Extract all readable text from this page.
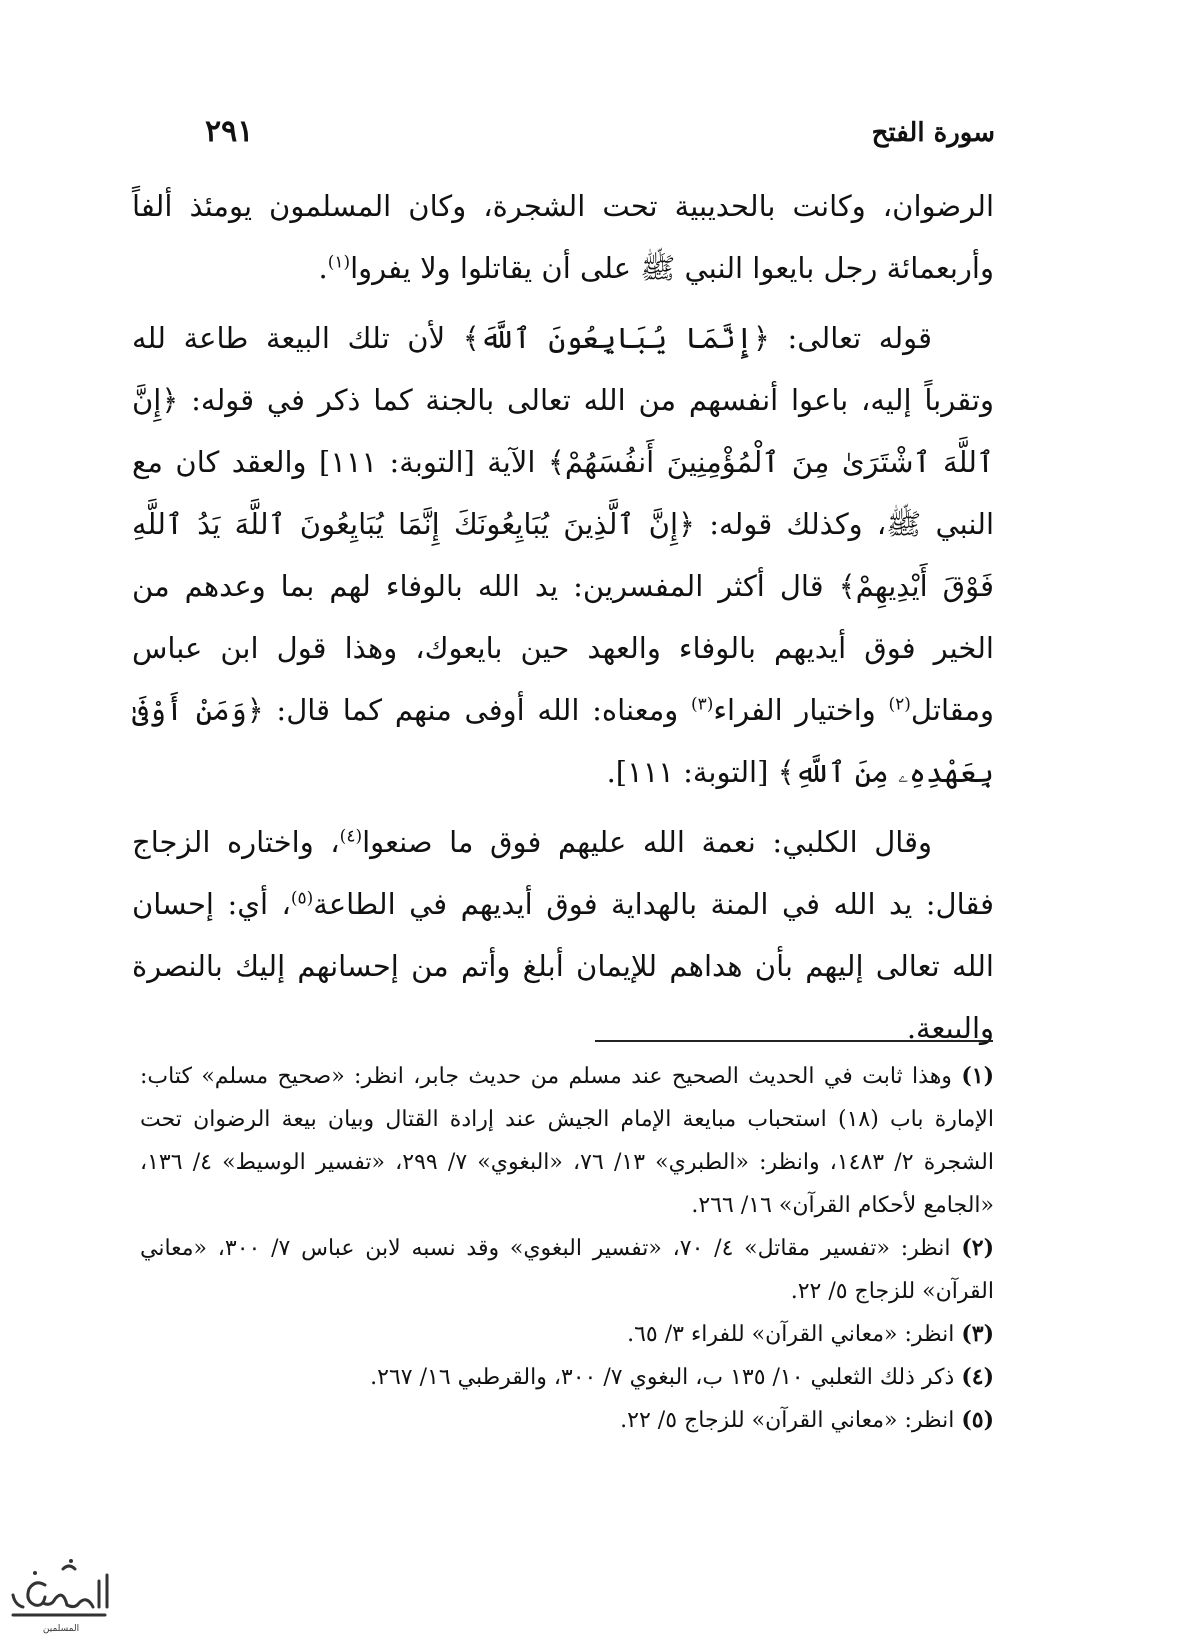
سورة الفتح
٢٩١

الرضوان، وكانت بالحديبية تحت الشجرة، وكان المسلمون يومئذ ألفاً وأربعمائة رجل بايعوا النبي ﷺ على أن يقاتلوا ولا يفروا$^{(١)}$.

قوله تعالى: ﴿إِنَّمَا يُبَايِعُونَ ٱللَّهَ﴾ لأن تلك البيعة طاعة لله وتقرباً إليه، باعوا أنفسهم من الله تعالى بالجنة كما ذكر في قوله: ﴿إِنَّ ٱللَّهَ ٱشْتَرَىٰ مِنَ ٱلْمُؤْمِنِينَ أَنفُسَهُمْ﴾ الآية [التوبة: ١١١] والعقد كان مع النبي ﷺ، وكذلك قوله: ﴿إِنَّ ٱلَّذِينَ يُبَايِعُونَكَ إِنَّمَا يُبَايِعُونَ ٱللَّهَ يَدُ ٱللَّهِ فَوْقَ أَيْدِيهِمْ﴾ قال أكثر المفسرين: يد الله بالوفاء لهم بما وعدهم من الخير فوق أيديهم بالوفاء والعهد حين بايعوك، وهذا قول ابن عباس ومقاتل$^{(٢)}$ واختيار الفراء$^{(٣)}$ ومعناه: الله أوفى منهم كما قال: ﴿وَمَنْ أَوْفَىٰ بِعَهْدِهِۦ مِنَ ٱللَّهِ﴾ [التوبة: ١١١].

وقال الكلبي: نعمة الله عليهم فوق ما صنعوا$^{(٤)}$، واختاره الزجاج فقال: يد الله في المنة بالهداية فوق أيديهم في الطاعة$^{(٥)}$، أي: إحسان الله تعالى إليهم بأن هداهم للإيمان أبلغ وأتم من إحسانهم إليك بالنصرة والبيعة.

(١) وهذا ثابت في الحديث الصحيح عند مسلم من حديث جابر، انظر: «صحيح مسلم» كتاب: الإمارة باب (١٨) استحباب مبايعة الإمام الجيش عند إرادة القتال وبيان بيعة الرضوان تحت الشجرة ٢/ ١٤٨٣، وانظر: «الطبري» ١٣/ ٧٦، «البغوي» ٧/ ٢٩٩، «تفسير الوسيط» ٤/ ١٣٦، «الجامع لأحكام القرآن» ١٦/ ٢٦٦.

(٢) انظر: «تفسير مقاتل» ٤/ ٧٠، «تفسير البغوي» وقد نسبه لابن عباس ٧/ ٣٠٠، «معاني القرآن» للزجاج ٥/ ٢٢.

(٣) انظر: «معاني القرآن» للفراء ٣/ ٦٥.

(٤) ذكر ذلك الثعلبي ١٠/ ١٣٥ ب، البغوي ٧/ ٣٠٠، والقرطبي ١٦/ ٢٦٧.

(٥) انظر: «معاني القرآن» للزجاج ٥/ ٢٢.

المسلمين
